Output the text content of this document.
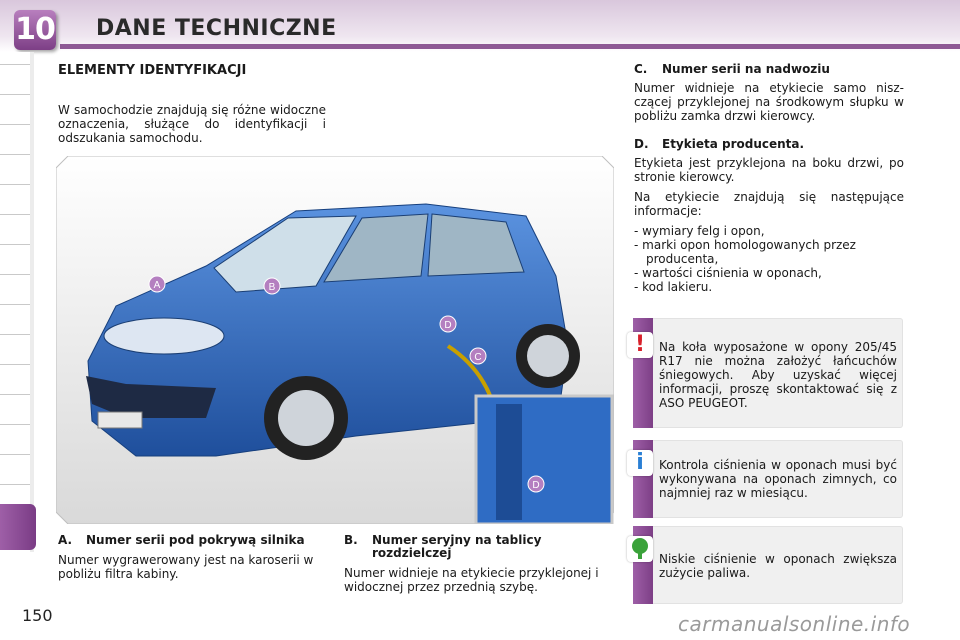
10 DANE TECHNICZNE
150
ELEMENTY IDENTYFIKACJI
W samochodzie znajdują się różne widoczne oznaczenia, służące do identyfikacji i odszukania samochodu.
A	B
D
C
D
A.	Numer serii pod pokrywą silnika
Numer wygrawerowany jest na karoserii w pobliżu filtra kabiny.
B.	Numer seryjny na tablicy rozdzielczej
Numer widnieje na etykiecie przyklejonej i widocznej przez przednią szybę.
C.	Numer serii na nadwoziu

Numer widnieje na etykiecie samo nisz-czącej przyklejonej na środkowym słupku w pobliżu zamka drzwi kierowcy.

D.	Etykieta producenta.

Etykieta jest przyklejona na boku drzwi, po stronie kierowcy.

Na etykiecie znajdują się następujące informacje:

- wymiary felg i opon,
- marki opon homologowanych przez producenta,
- wartości ciśnienia w oponach,
- kod lakieru.
!	Na koła wyposażone w opony 205/45 R17 nie można założyć łańcuchów śniegowych. Aby uzyskać więcej informacji, proszę skontaktować się z ASO PEUGEOT.
i	Kontrola ciśnienia w oponach musi być wykonywana na oponach zimnych, co najmniej raz w miesiącu.
Niskie ciśnienie w oponach zwiększa zużycie paliwa.
carmanualsonline.info
